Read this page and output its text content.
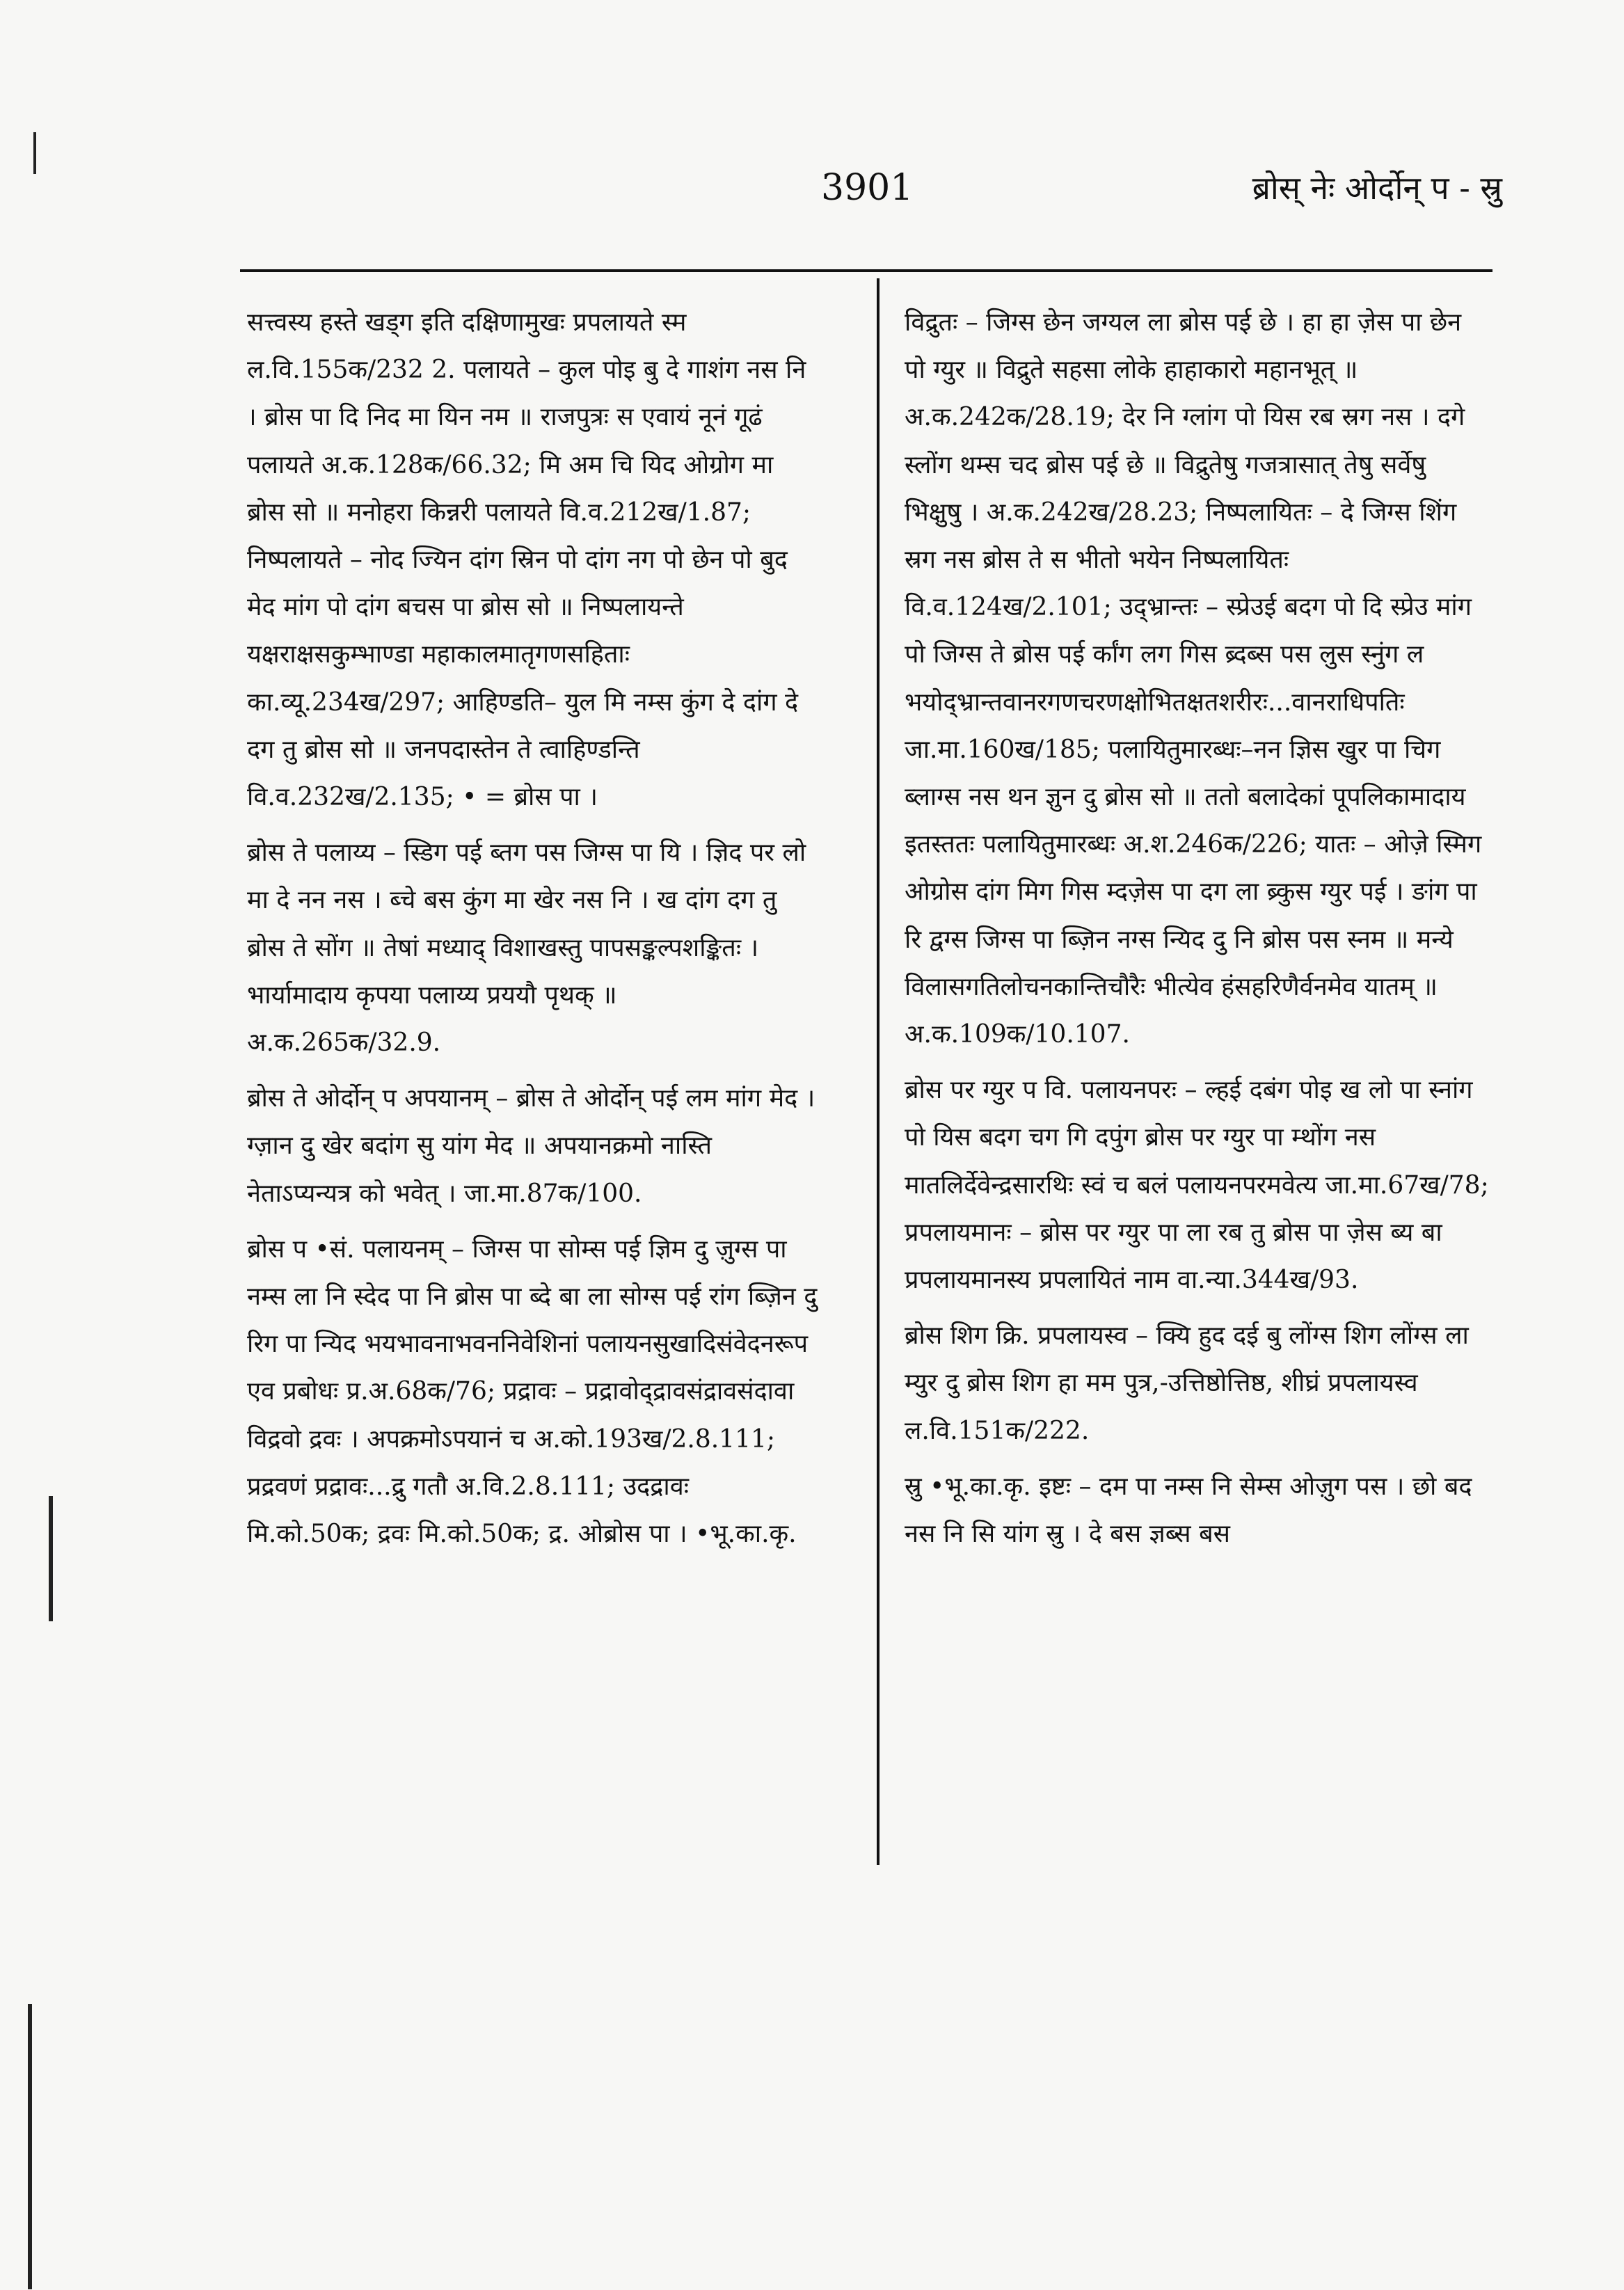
3901	ब्रोस्‌ नेः ओर्दोन्‌ प - स्रु

सत्त्वस्य हस्ते खड्ग इति दक्षिणामुखः प्रपलायते स्म ल.वि.155क/232 2. पलायते – कुल पोइ बु दे गाशंग नस नि । ब्रोस पा दि निद मा यिन नम ॥ राजपुत्रः स एवायं नूनं गूढं पलायते अ.क.128क/66.32; मि अम चि यिद ओग्रोग मा ब्रोस सो ॥ मनोहरा किन्नरी पलायते वि.व.212ख/1.87; निष्पलायते – नोद ज्यिन दांग स्रिन पो दांग नग पो छेन पो बुद मेद मांग पो दांग बचस पा ब्रोस सो ॥ निष्पलायन्ते यक्षराक्षसकुम्भाण्डा महाकालमातृगणसहिताः का.व्यू.234ख/297; आहिण्डति– युल मि नम्स कुंग दे दांग दे दग तु ब्रोस सो ॥ जनपदास्तेन ते त्वाहिण्डन्ति वि.व.232ख/2.135; • = ब्रोस पा ।

ब्रोस ते पलाय्य – स्डिग पई ब्तग पस जिग्स पा यि । ज्ञिद पर लो मा दे नन नस । ब्चे बस कुंग मा खेर नस नि । ख दांग दग तु ब्रोस ते सोंग ॥ तेषां मध्याद् विशाखस्तु पापसङ्कल्पशङ्कितः । भार्यामादाय कृपया पलाय्य प्रययौ पृथक् ॥ अ.क.265क/32.9.

ब्रोस ते ओर्दोन्‌ प अपयानम् – ब्रोस ते ओर्दोन्‌ पई लम मांग मेद । ग्ज़ान दु खेर बदांग सु यांग मेद ॥ अपयानक्रमो नास्ति नेताऽप्यन्यत्र को भवेत् । जा.मा.87क/100.

ब्रोस प •सं. पलायनम् – जिग्स पा सोम्स पई ज्ञिम दु ज़ुग्स पा नम्स ला नि स्देद पा नि ब्रोस पा ब्दे बा ला सोग्स पई रांग ब्ज़िन दु रिग पा न्यिद भयभावनाभवननिवेशिनां पलायनसुखादिसंवेदनरूप एव प्रबोधः प्र.अ.68क/76; प्रद्रावः – प्रद्रावोद्द्रावसंद्रावसंदावा विद्रवो द्रवः । अपक्रमोऽपयानं च अ.को.193ख/2.8.111; प्रद्रवणं प्रद्रावः...द्रु गतौ अ.वि.2.8.111; उदद्रावः मि.को.50क; द्रवः मि.को.50क; द्र. ओब्रोस पा । •भू.का.कृ.

विद्रुतः – जिग्स छेन जग्यल ला ब्रोस पई छे । हा हा ज़ेस पा छेन पो ग्युर ॥ विद्रुते सहसा लोके हाहाकारो महानभूत् ॥ अ.क.242क/28.19; देर नि ग्लांग पो यिस रब स्रग नस । दगे स्लोंग थम्स चद ब्रोस पई छे ॥ विद्रुतेषु गजत्रासात् तेषु सर्वेषु भिक्षुषु । अ.क.242ख/28.23; निष्पलायितः – दे जिग्स शिंग स्रग नस ब्रोस ते स भीतो भयेन निष्पलायितः वि.व.124ख/2.101; उद्भ्रान्तः – स्प्रेउई बदग पो दि स्प्रेउ मांग पो जिग्स ते ब्रोस पई र्कांग लग गिस ब्र्दब्स पस लुस स्नुंग ल भयोद्भ्रान्तवानरगणचरणक्षोभितक्षतशरीरः...वानराधिपतिः जा.मा.160ख/185; पलायितुमारब्धः–नन ज्ञिस खुर पा चिग ब्लाग्स नस थन ज्ञुन दु ब्रोस सो ॥ ततो बलादेकां पूपलिकामादाय इतस्ततः पलायितुमारब्धः अ.श.246क/226; यातः – ओज़े स्मिग ओग्रोस दांग मिग गिस म्दज़ेस पा दग ला ब्र्कुस ग्युर पई । ङांग पा रि द्वग्स जिग्स पा ब्ज़िन नग्स न्यिद दु नि ब्रोस पस स्नम ॥ मन्ये विलासगतिलोचनकान्तिचौरैः भीत्येव हंसहरिणैर्वनमेव यातम् ॥ अ.क.109क/10.107.

ब्रोस पर ग्युर प वि. पलायनपरः – ल्हई दबंग पोइ ख लो पा स्नांग पो यिस बदग चग गि दपुंग ब्रोस पर ग्युर पा म्थोंग नस मातलिर्देवेन्द्रसारथिः स्वं च बलं पलायनपरमवेत्य जा.मा.67ख/78; प्रपलायमानः – ब्रोस पर ग्युर पा ला रब तु ब्रोस पा ज़ेस ब्य बा प्रपलायमानस्य प्रपलायितं नाम वा.न्या.344ख/93.

ब्रोस शिग क्रि. प्रपलायस्व – क्यि हुद दई बु लोंग्स शिग लोंग्स ला म्युर दु ब्रोस शिग हा मम पुत्र,-उत्तिष्ठोत्तिष्ठ, शीघ्रं प्रपलायस्व ल.वि.151क/222.

स्रु •भू.का.कृ. इष्टः – दम पा नम्स नि सेम्स ओज़ुग पस । छो बद नस नि सि यांग स्रु । दे बस ज्ञब्स बस
